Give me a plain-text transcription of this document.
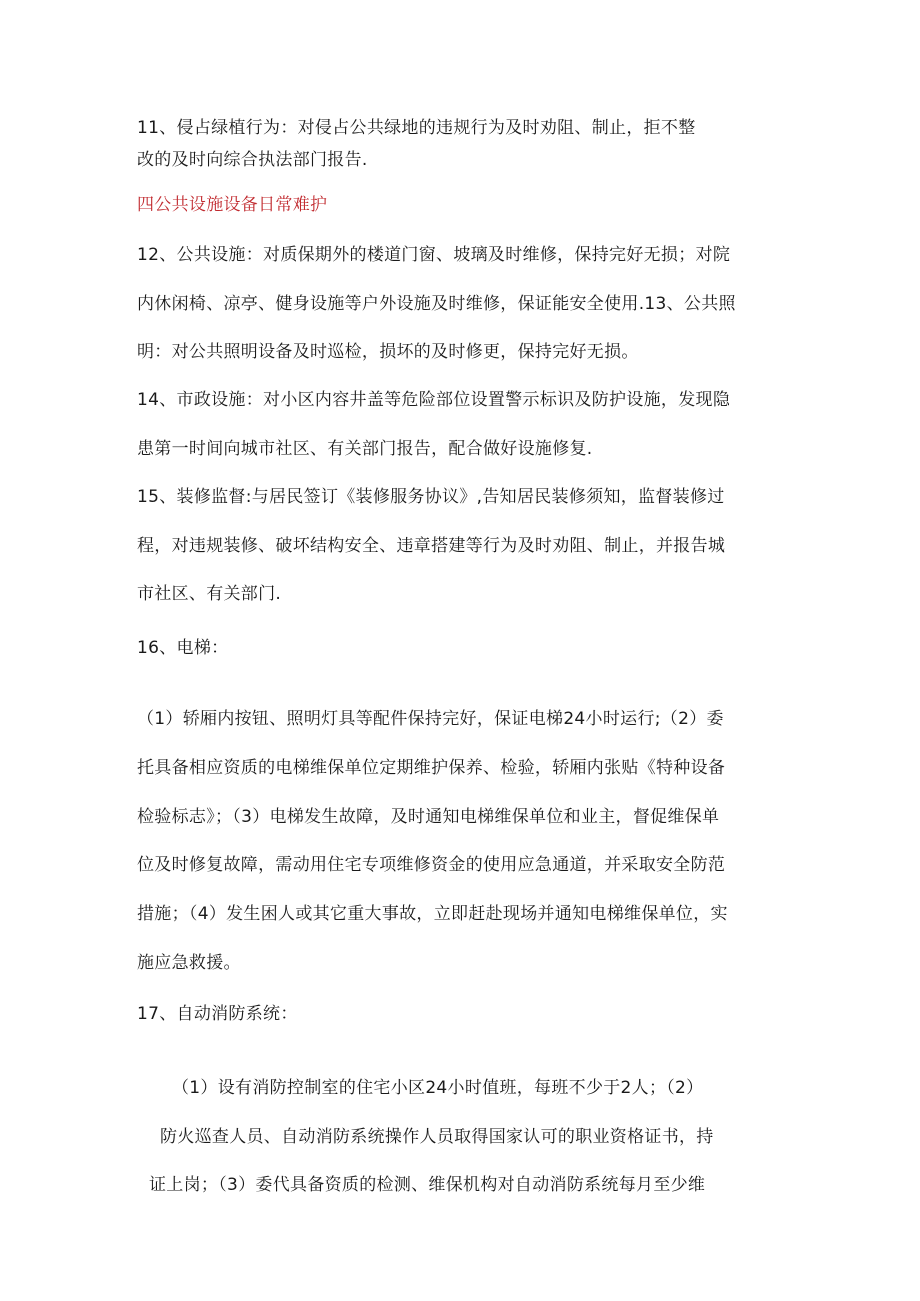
11、侵占绿植行为：对侵占公共绿地的违规行为及时劝阻、制止，拒不整
改的及时向综合执法部门报告.
四公共设施设备日常难护
12、公共设施：对质保期外的楼道门窗、坡璃及时维修，保持完好无损；对院
内休闲椅、凉亭、健身设施等户外设施及时维修，保证能安全使用.13、公共照
明：对公共照明设备及时巡检，损坏的及时修更，保持完好无损。
14、市政设施：对小区内容井盖等危险部位设置警示标识及防护设施，发现隐
患第一时间向城市社区、有关部门报告，配合做好设施修复.
15、装修监督:与居民签订《装修服务协议》,告知居民装修须知，监督装修过
程，对违规装修、破坏结构安全、违章搭建等行为及时劝阻、制止，并报告城
市社区、有关部门.
16、电梯：
（1）轿厢内按钮、照明灯具等配件保持完好，保证电梯24小时运行;（2）委
托具备相应资质的电梯维保单位定期维护保养、检验，轿厢内张贴《特种设备
检验标志》；（3）电梯发生故障，及时通知电梯维保单位和业主，督促维保单
位及时修复故障，需动用住宅专项维修资金的使用应急通道，并采取安全防范
措施；（4）发生困人或其它重大事故，立即赶赴现场并通知电梯维保单位，实
施应急救援。
17、自动消防系统：
（1）设有消防控制室的住宅小区24小时值班，每班不少于2人；（2）
防火巡查人员、自动消防系统操作人员取得国家认可的职业资格证书，持
证上岗；（3）委代具备资质的检测、维保机构对自动消防系统每月至少维
